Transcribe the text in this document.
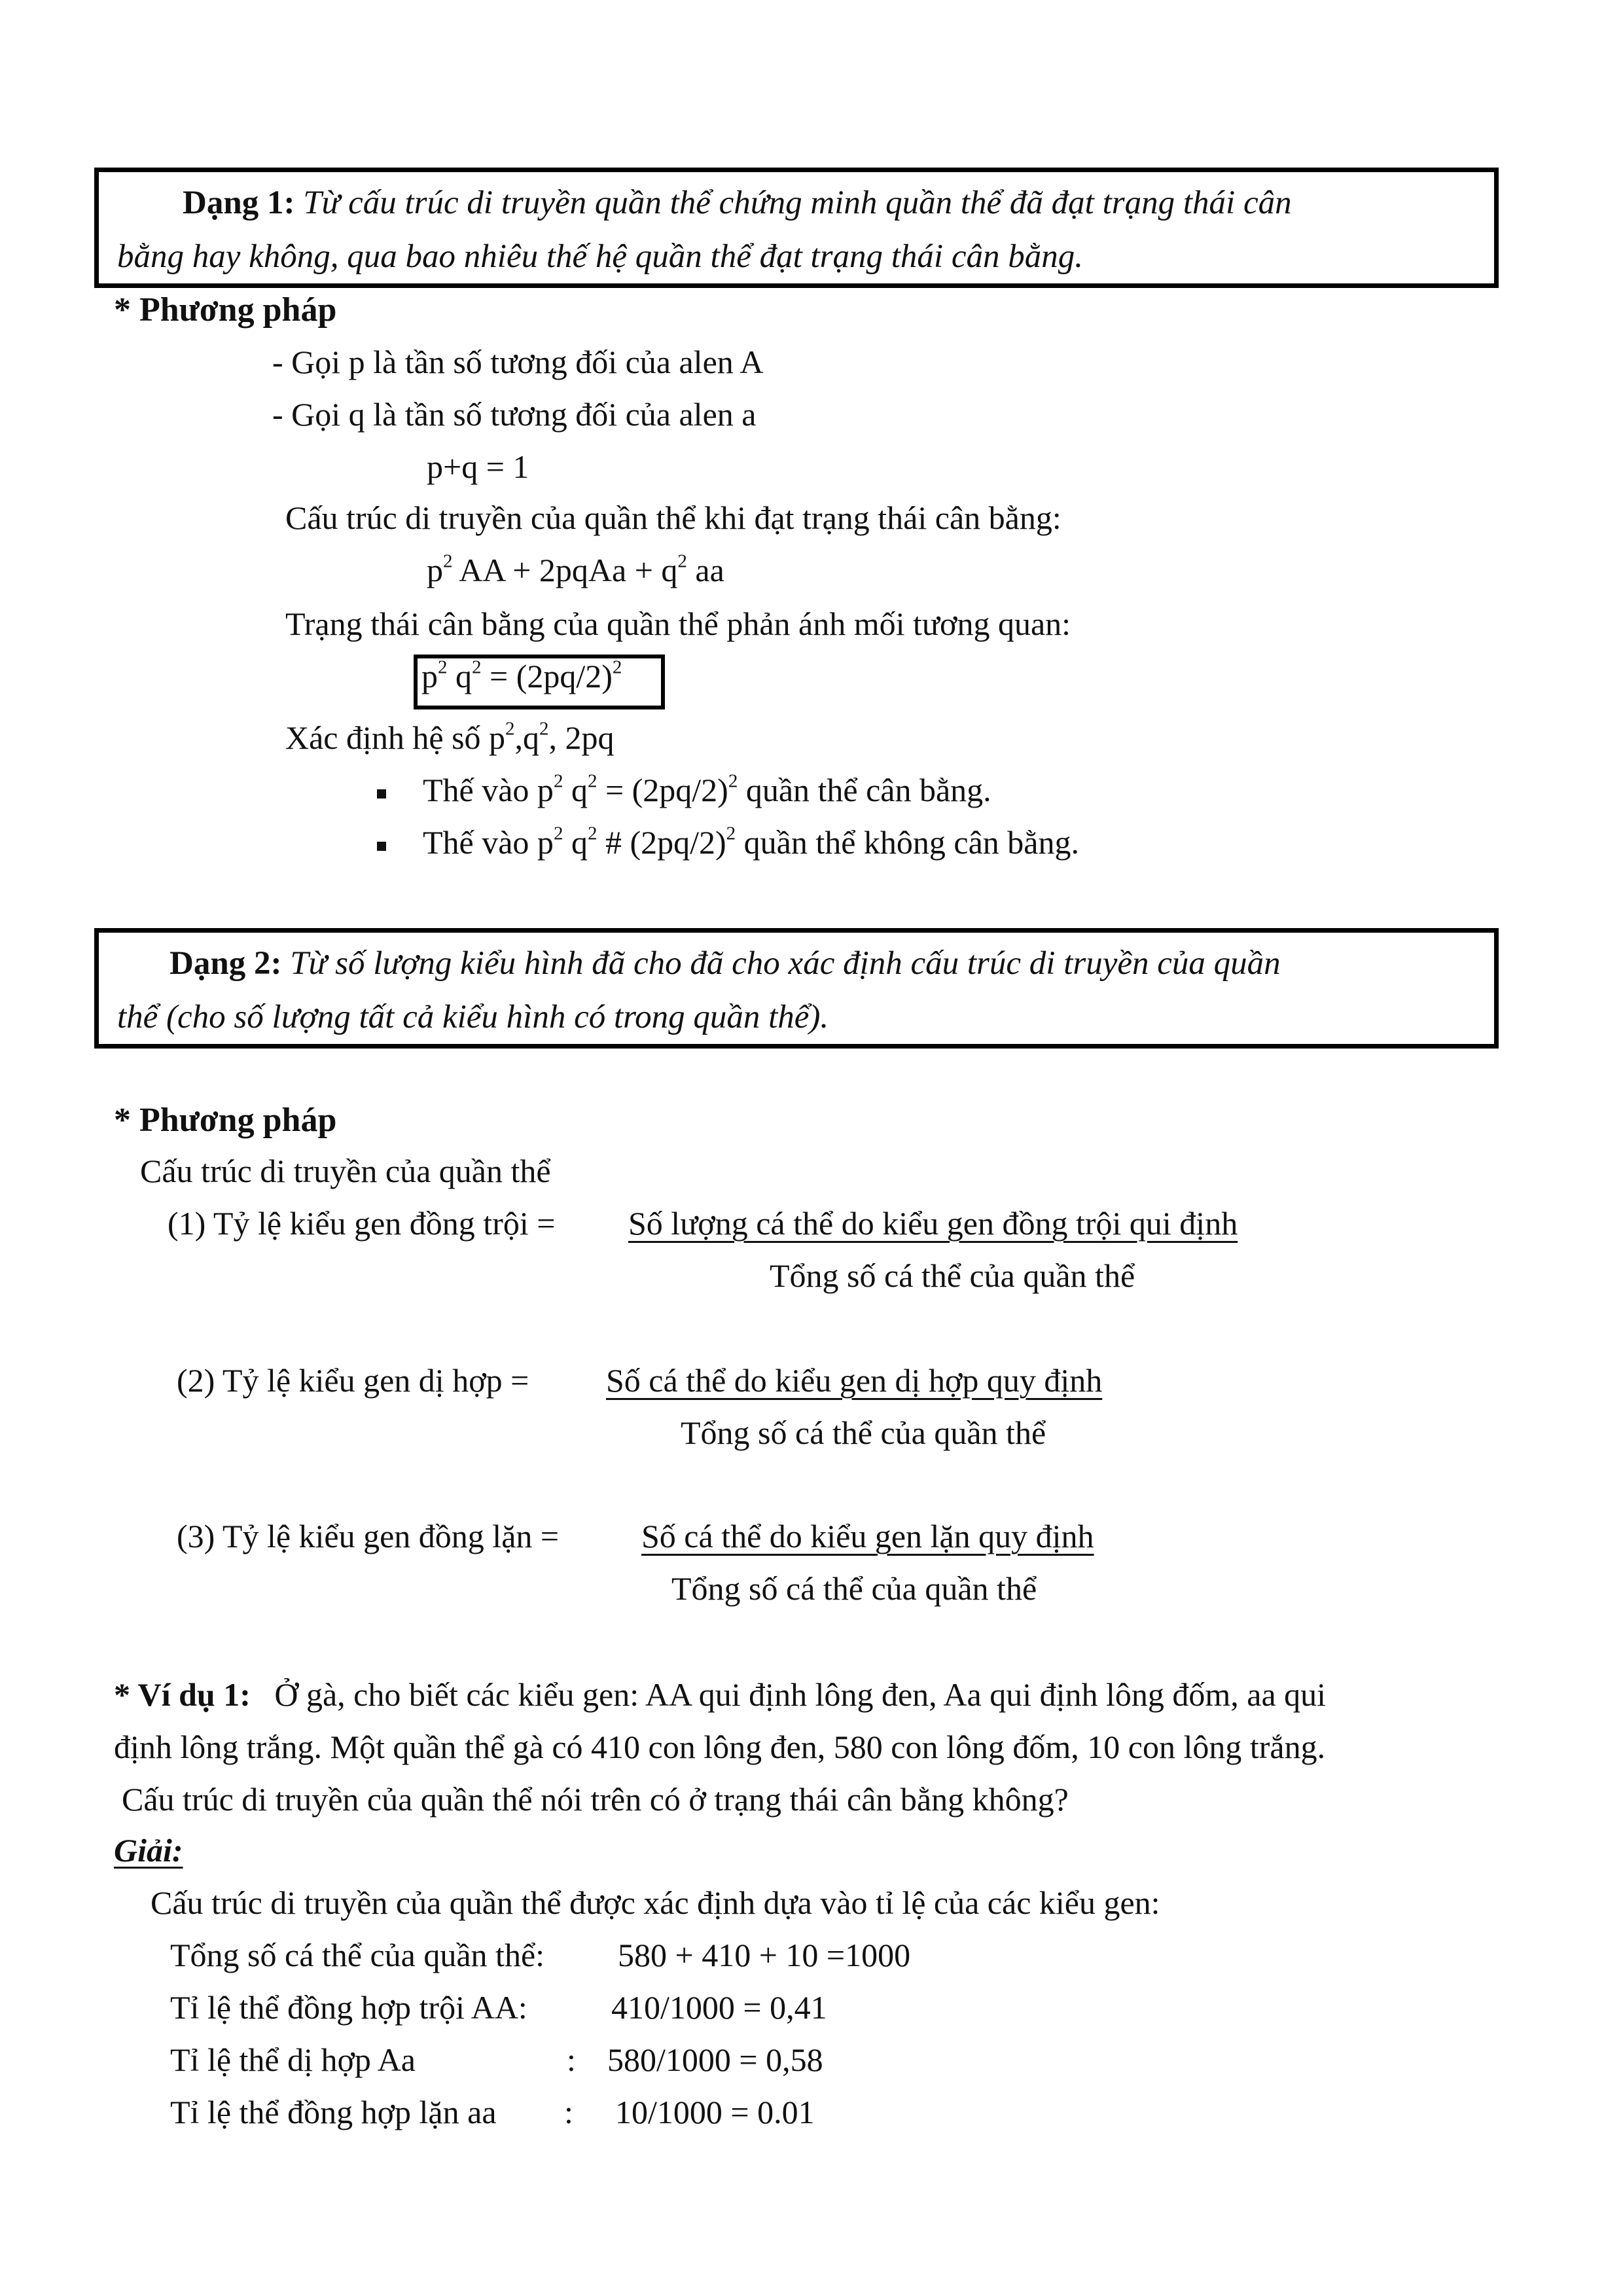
Dạng 1: Từ cấu trúc di truyền quần thể chứng minh quần thể đã đạt trạng thái cân
bằng hay không, qua bao nhiêu thế hệ quần thể đạt trạng thái cân bằng.
* Phương pháp
- Gọi p là tần số tương đối của alen A
- Gọi q là tần số tương đối của alen a
p+q = 1
Cấu trúc di truyền của quần thể khi đạt trạng thái cân bằng:
$p^2$ AA + 2pqAa + $q^2$ aa
Trạng thái cân bằng của quần thể phản ánh mối tương quan:
$p^2$ $q^2 = (2pq/2)^2$
Xác định hệ số $p^2,q^2$, 2pq
Thế vào $p^2$ $q^2 = (2pq/2)^2$ quần thể cân bằng.
Thế vào $p^2$ $q^2$ # $(2pq/2)^2$ quần thể không cân bằng.
Dạng 2: Từ số lượng kiểu hình đã cho đã cho xác định cấu trúc di truyền của quần
thể (cho số lượng tất cả kiểu hình có trong quần thể).
* Phương pháp
Cấu trúc di truyền của quần thể
(1) Tỷ lệ kiểu gen đồng trội = Số lượng cá thể do kiểu gen đồng trội qui định
Tổng số cá thể của quần thể
(2) Tỷ lệ kiểu gen dị hợp = Số cá thể do kiểu gen dị hợp quy định
Tổng số cá thể của quần thể
(3) Tỷ lệ kiểu gen đồng lặn =	Số cá thể do kiểu gen lặn quy định
Tổng số cá thể của quần thể
* Ví dụ 1: Ở gà, cho biết các kiểu gen: AA qui định lông đen, Aa qui định lông đốm, aa qui
định lông trắng. Một quần thể gà có 410 con lông đen, 580 con lông đốm, 10 con lông trắng.
Cấu trúc di truyền của quần thể nói trên có ở trạng thái cân bằng không?
Giải:
Cấu trúc di truyền của quần thể được xác định dựa vào tỉ lệ của các kiểu gen:
Tổng số cá thể của quần thể: 580 + 410 + 10 =1000
Tỉ lệ thể đồng hợp trội AA:	410/1000 = 0,41
Tỉ lệ thể dị hợp Aa	: 580/1000 = 0,58
Tỉ lệ thể đồng hợp lặn aa : 10/1000 = 0.01
